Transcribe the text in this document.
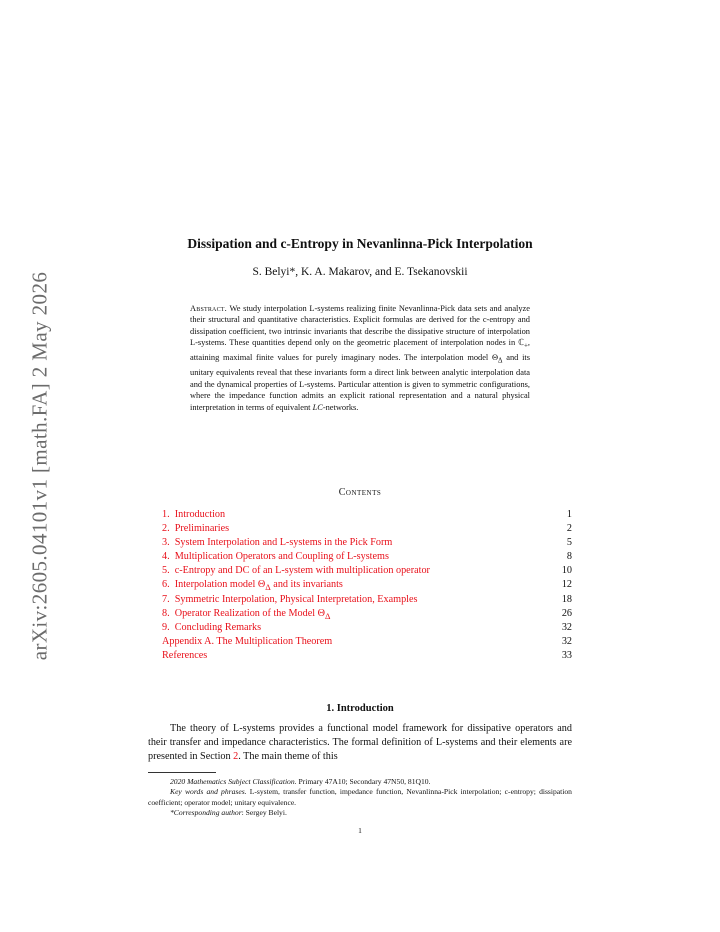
arXiv:2605.04101v1 [math.FA] 2 May 2026
Dissipation and c-Entropy in Nevanlinna-Pick Interpolation
S. Belyi*, K. A. Makarov, and E. Tsekanovskii
Abstract. We study interpolation L-systems realizing finite Nevanlinna-Pick data sets and analyze their structural and quantitative characteristics. Explicit formulas are derived for the c-entropy and dissipation coefficient, two intrinsic invariants that describe the dissipative structure of interpolation L-systems. These quantities depend only on the geometric placement of interpolation nodes in ℂ$_+$, attaining maximal finite values for purely imaginary nodes. The interpolation model $\Theta_\Delta$ and its unitary equivalents reveal that these invariants form a direct link between analytic interpolation data and the dynamical properties of L-systems. Particular attention is given to symmetric configurations, where the impedance function admits an explicit rational representation and a natural physical interpretation in terms of equivalent LC-networks.
Contents
1. Introduction	1
2. Preliminaries	2
3. System Interpolation and L-systems in the Pick Form	5
4. Multiplication Operators and Coupling of L-systems	8
5. c-Entropy and DC of an L-system with multiplication operator	10
6. Interpolation model $\Theta_\Delta$ and its invariants	12
7. Symmetric Interpolation, Physical Interpretation, Examples	18
8. Operator Realization of the Model $\Theta_\Delta$	26
9. Concluding Remarks	32
Appendix A. The Multiplication Theorem	32
References	33
1. Introduction
The theory of L-systems provides a functional model framework for dissipative operators and their transfer and impedance characteristics. The formal definition of L-systems and their elements are presented in Section 2. The main theme of this

2020 Mathematics Subject Classification. Primary 47A10; Secondary 47N50, 81Q10.

Key words and phrases. L-system, transfer function, impedance function, Nevanlinna-Pick interpolation; c-entropy; dissipation coefficient; operator model; unitary equivalence.

*Corresponding author: Sergey Belyi.

1
